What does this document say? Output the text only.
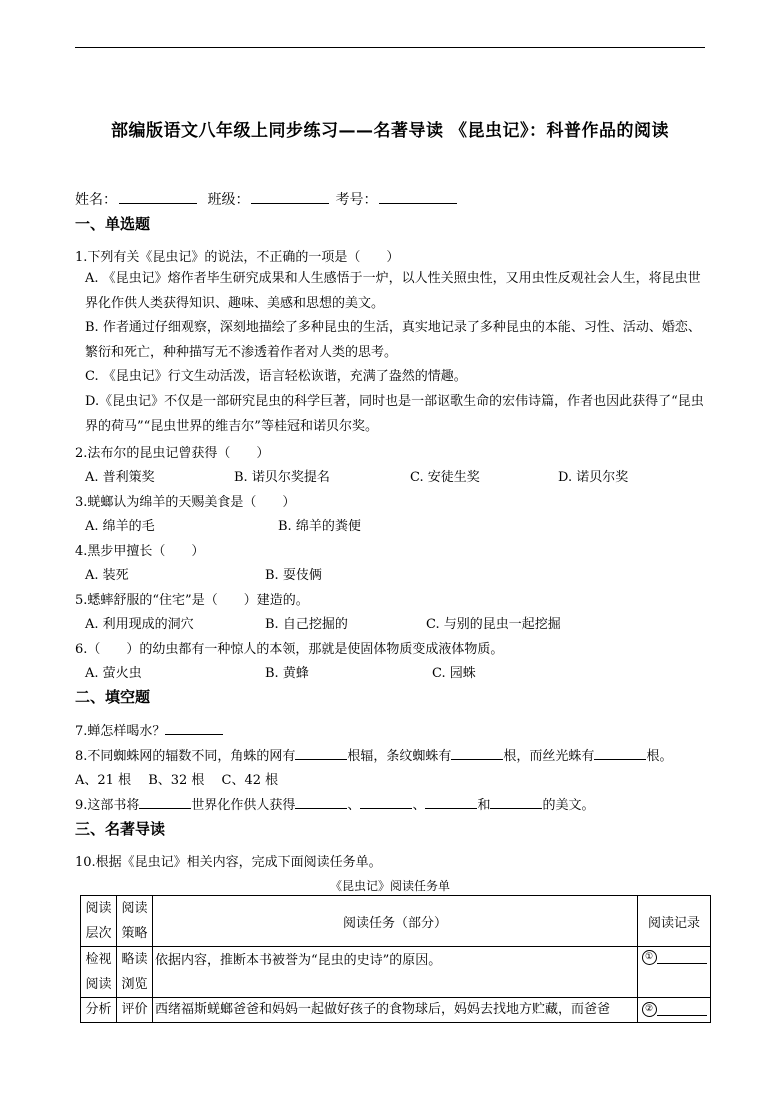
部编版语文八年级上同步练习——名著导读 《昆虫记》：科普作品的阅读
姓名：	班级：	考号：
一、单选题
1.下列有关《昆虫记》的说法，不正确的一项是（　　）
A. 《昆虫记》熔作者毕生研究成果和人生感悟于一炉，以人性关照虫性，又用虫性反观社会人生，将昆虫世界化作供人类获得知识、趣味、美感和思想的美文。
B. 作者通过仔细观察，深刻地描绘了多种昆虫的生活，真实地记录了多种昆虫的本能、习性、活动、婚恋、繁衍和死亡，种种描写无不渗透着作者对人类的思考。
C. 《昆虫记》行文生动活泼，语言轻松诙谐，充满了盎然的情趣。
D.《昆虫记》不仅是一部研究昆虫的科学巨著，同时也是一部讴歌生命的宏伟诗篇，作者也因此获得了“昆虫界的荷马”“昆虫世界的维吉尔”等桂冠和诺贝尔奖。
2.法布尔的昆虫记曾获得（　　）
A. 普利策奖	B. 诺贝尔奖提名	C. 安徒生奖	D. 诺贝尔奖
3.蜣螂认为绵羊的天赐美食是（　　）
A. 绵羊的毛	B. 绵羊的粪便
4.黑步甲擅长（　　）
A. 装死	B. 耍伎俩
5.蟋蟀舒服的“住宅”是（　　）建造的。
A. 利用现成的洞穴	B. 自己挖掘的	C. 与别的昆虫一起挖掘
6.（　　）的幼虫都有一种惊人的本领，那就是使固体物质变成液体物质。
A. 萤火虫	B. 黄蜂	C. 园蛛
二、填空题
7.蝉怎样喝水？
8.不同蜘蛛网的辐数不同，角蛛的网有	根辐，条纹蜘蛛有	根，而丝光蛛有	根。
A、21 根　 B、32 根　 C、42 根
9.这部书将	世界化作供人获得	、	、	和	的美文。
三、名著导读
10.根据《昆虫记》相关内容，完成下面阅读任务单。
《昆虫记》阅读任务单
阅读层次	阅读策略	阅读任务（部分）	阅读记录
检视阅读	略读浏览	依据内容，推断本书被誉为“昆虫的史诗”的原因。	①
分析	评价	西绪福斯蜣螂爸爸和妈妈一起做好孩子的食物球后，妈妈去找地方贮藏，而爸爸	②
